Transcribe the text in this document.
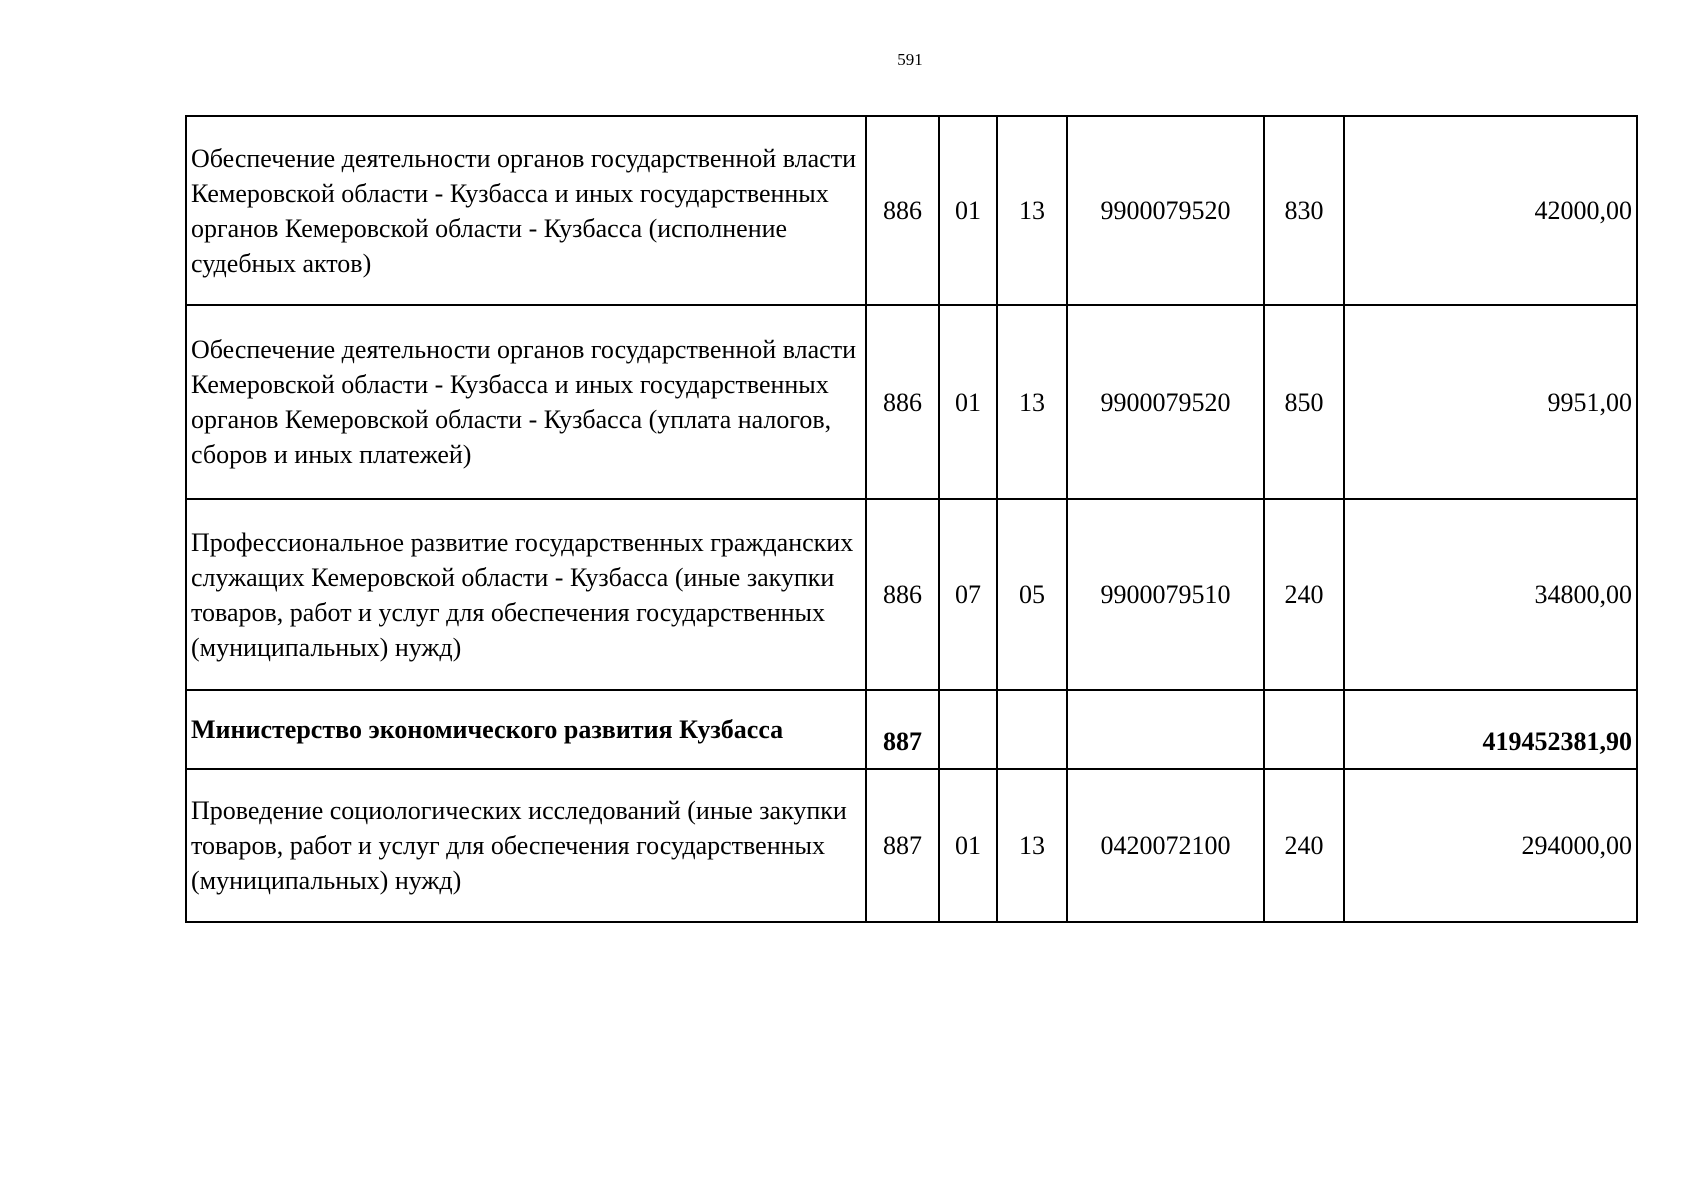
591
Обеспечение деятельности органов государственной власти Кемеровской области - Кузбасса и иных государственных органов Кемеровской области - Кузбасса (исполнение судебных актов)	886	01	13	9900079520	830	42000,00
Обеспечение деятельности органов государственной власти Кемеровской области - Кузбасса и иных государственных органов Кемеровской области - Кузбасса (уплата налогов, сборов и иных платежей)	886	01	13	9900079520	850	9951,00
Профессиональное развитие государственных гражданских служащих Кемеровской области - Кузбасса (иные закупки товаров, работ и услуг для обеспечения государственных (муниципальных) нужд)	886	07	05	9900079510	240	34800,00
Министерство экономического развития Кузбасса	887					419452381,90
Проведение социологических исследований (иные закупки товаров, работ и услуг для обеспечения государственных (муниципальных) нужд)	887	01	13	0420072100	240	294000,00
